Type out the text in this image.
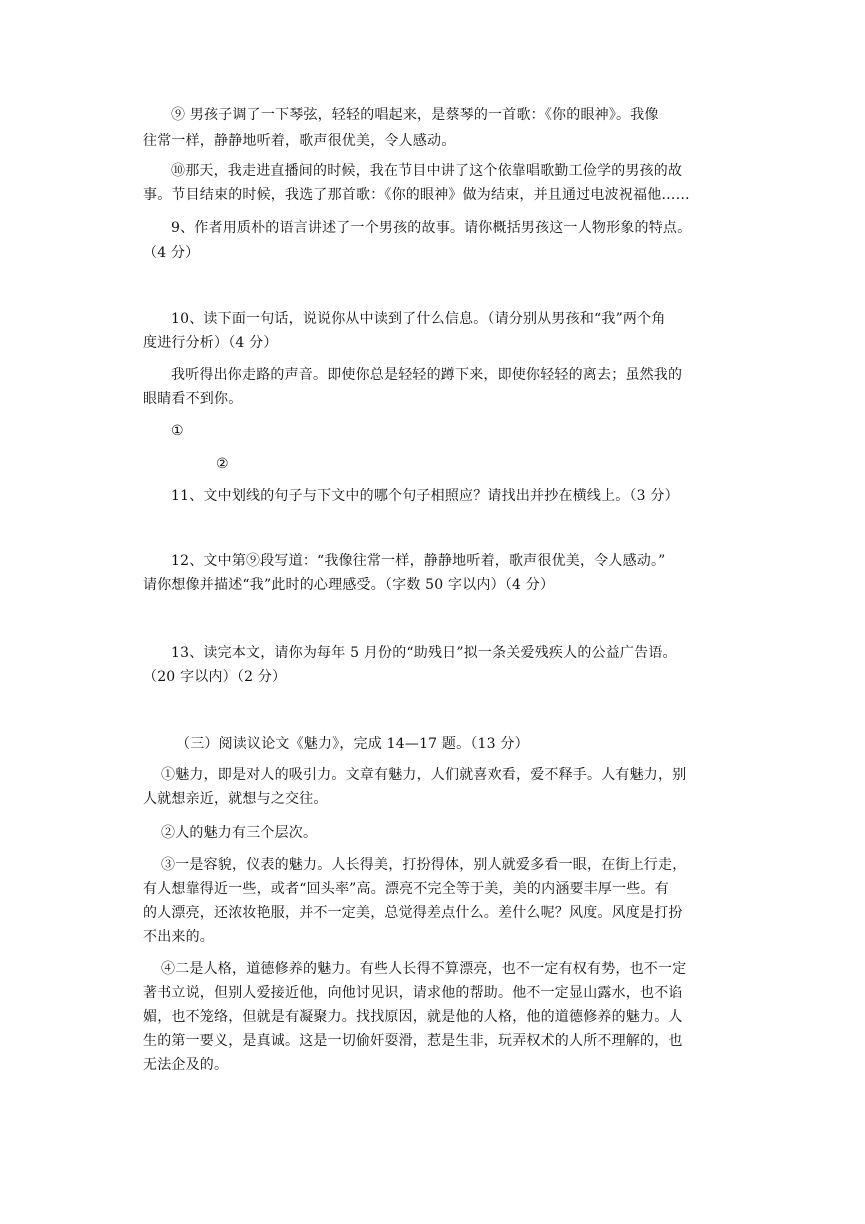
⑨ 男孩子调了一下琴弦，轻轻的唱起来，是蔡琴的一首歌：《你的眼神》。我像
往常一样，静静地听着，歌声很优美，令人感动。
⑩那天，我走进直播间的时候，我在节目中讲了这个依靠唱歌勤工俭学的男孩的故
事。节目结束的时候，我选了那首歌：《你的眼神》做为结束，并且通过电波祝福他……
9、作者用质朴的语言讲述了一个男孩的故事。请你概括男孩这一人物形象的特点。
（4 分）
10、读下面一句话，说说你从中读到了什么信息。（请分别从男孩和“我”两个角
度进行分析）（4 分）
我听得出你走路的声音。即使你总是轻轻的蹲下来，即使你轻轻的离去；虽然我的
眼睛看不到你。
①
②
11、文中划线的句子与下文中的哪个句子相照应？请找出并抄在横线上。（3 分）
12、文中第⑨段写道：“我像往常一样，静静地听着，歌声很优美，令人感动。”
请你想像并描述“我”此时的心理感受。（字数 50 字以内）（4 分）
13、读完本文，请你为每年 5 月份的“助残日”拟一条关爱残疾人的公益广告语。
（20 字以内）（2 分）
（三）阅读议论文《魅力》，完成 14—17 题。（13 分）
①魅力，即是对人的吸引力。文章有魅力，人们就喜欢看，爱不释手。人有魅力，别
人就想亲近，就想与之交往。
②人的魅力有三个层次。
③一是容貌，仪表的魅力。人长得美，打扮得体，别人就爱多看一眼，在街上行走，
有人想靠得近一些，或者“回头率”高。漂亮不完全等于美，美的内涵要丰厚一些。有
的人漂亮，还浓妆艳服，并不一定美，总觉得差点什么。差什么呢？风度。风度是打扮
不出来的。
④二是人格，道德修养的魅力。有些人长得不算漂亮，也不一定有权有势，也不一定
著书立说，但别人爱接近他，向他讨见识，请求他的帮助。他不一定显山露水，也不谄
媚，也不笼络，但就是有凝聚力。找找原因，就是他的人格，他的道德修养的魅力。人
生的第一要义，是真诚。这是一切偷奸耍滑，惹是生非，玩弄权术的人所不理解的，也
无法企及的。
